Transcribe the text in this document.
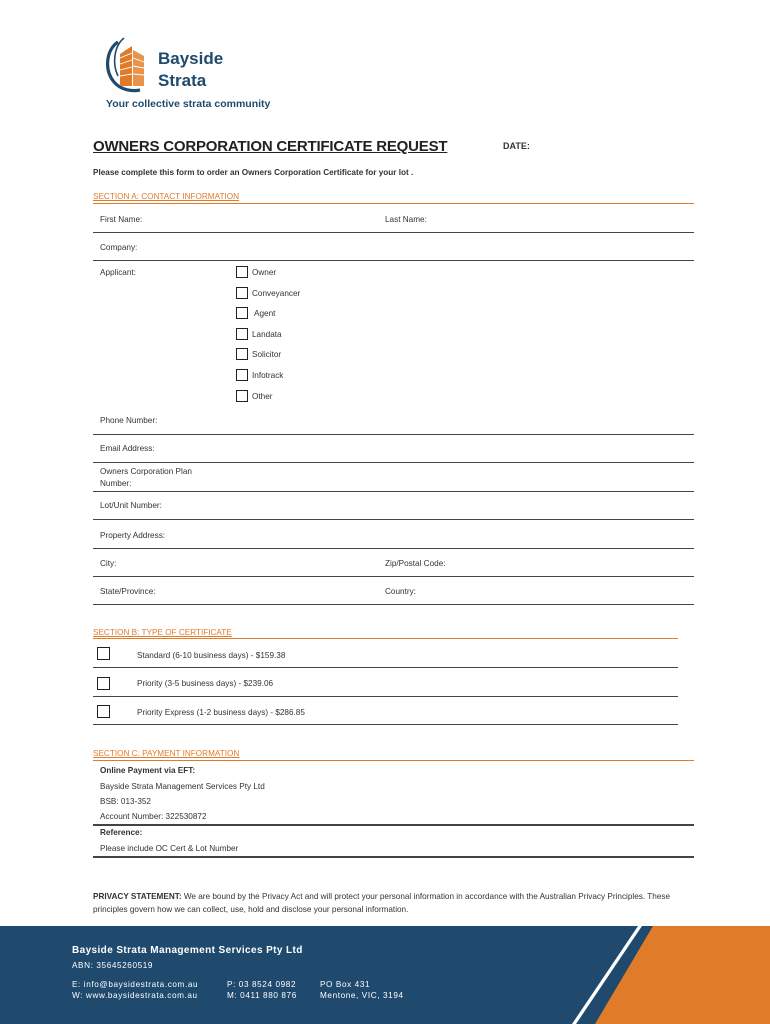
Bayside
Strata
Your collective strata community
OWNERS CORPORATION CERTIFICATE REQUEST	DATE:
Please complete this form to order an Owners Corporation Certificate for your lot .
SECTION A: CONTACT INFORMATION
First Name:	Last Name:
Company:
Applicant:	Owner
Conveyancer
Agent
Landata
Solicitor
Infotrack
Other
Phone Number:
Email Address:
Owners Corporation Plan
Number:
Lot/Unit Number:
Property Address:
City:	Zip/Postal Code:
State/Province:	Country:
SECTION B: TYPE OF CERTIFICATE
Standard (6-10 business days) - $159.38
Priority (3-5 business days) - $239.06
Priority Express (1-2 business days) - $286.85
SECTION C: PAYMENT INFORMATION
Online Payment via EFT:
Bayside Strata Management Services Pty Ltd
BSB: 013-352
Account Number: 322530872
Reference:
Please include OC Cert & Lot Number
PRIVACY STATEMENT: We are bound by the Privacy Act and will protect your personal information in accordance with the Australian Privacy Principles. These principles govern how we can collect, use, hold and disclose your personal information.
Bayside Strata Management Services Pty Ltd
ABN: 35645260519
E: info@baysidestrata.com.au
W: www.baysidestrata.com.au
P: 03 8524 0982
M: 0411 880 876
PO Box 431
Mentone, VIC, 3194
